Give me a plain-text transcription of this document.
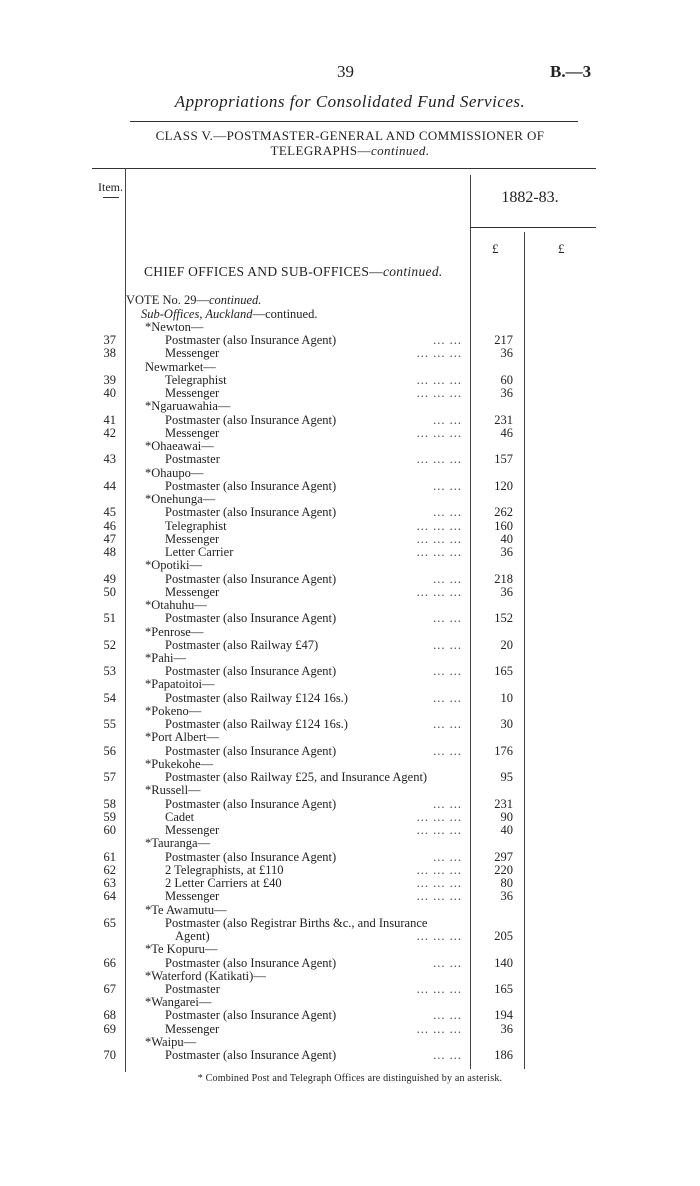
39	B.—3
Appropriations for Consolidated Fund Services.
CLASS V.—POSTMASTER-GENERAL AND COMMISSIONER OF
TELEGRAPHS—continued.
Item.
1882-83.
£	£
CHIEF OFFICES AND SUB-OFFICES—continued.
VOTE No. 29—continued.
Sub-Offices, Auckland—continued.
*Newton—
37	Postmaster (also Insurance Agent)	... ...	217
38	Messenger	... ... ...	36
Newmarket—
39	Telegraphist	... ... ...	60
40	Messenger	... ... ...	36
*Ngaruawahia—
41	Postmaster (also Insurance Agent)	... ...	231
42	Messenger	... ... ...	46
*Ohaeawai—
43	Postmaster	... ... ...	157
*Ohaupo—
44	Postmaster (also Insurance Agent)	... ...	120
*Onehunga—
45	Postmaster (also Insurance Agent)	... ...	262
46	Telegraphist	... ... ...	160
47	Messenger	... ... ...	40
48	Letter Carrier	... ... ...	36
*Opotiki—
49	Postmaster (also Insurance Agent)	... ...	218
50	Messenger	... ... ...	36
*Otahuhu—
51	Postmaster (also Insurance Agent)	... ...	152
*Penrose—
52	Postmaster (also Railway £47)	... ...	20
*Pahi—
53	Postmaster (also Insurance Agent)	... ...	165
*Papatoitoi—
54	Postmaster (also Railway £124 16s.)	... ...	10
*Pokeno—
55	Postmaster (also Railway £124 16s.)	... ...	30
*Port Albert—
56	Postmaster (also Insurance Agent)	... ...	176
*Pukekohe—
57	Postmaster (also Railway £25, and Insurance Agent)	95
*Russell—
58	Postmaster (also Insurance Agent)	... ...	231
59	Cadet	... ... ...	90
60	Messenger	... ... ...	40
*Tauranga—
61	Postmaster (also Insurance Agent)	... ...	297
62	2 Telegraphists, at £110	... ... ...	220
63	2 Letter Carriers at £40	... ... ...	80
64	Messenger	... ... ...	36
*Te Awamutu—
65	Postmaster (also Registrar Births &c., and Insurance
Agent)	... ... ...	205
*Te Kopuru—
66	Postmaster (also Insurance Agent)	... ...	140
*Waterford (Katikati)—
67	Postmaster	... ... ...	165
*Wangarei—
68	Postmaster (also Insurance Agent)	... ...	194
69	Messenger	... ... ...	36
*Waipu—
70	Postmaster (also Insurance Agent)	... ...	186
* Combined Post and Telegraph Offices are distinguished by an asterisk.
